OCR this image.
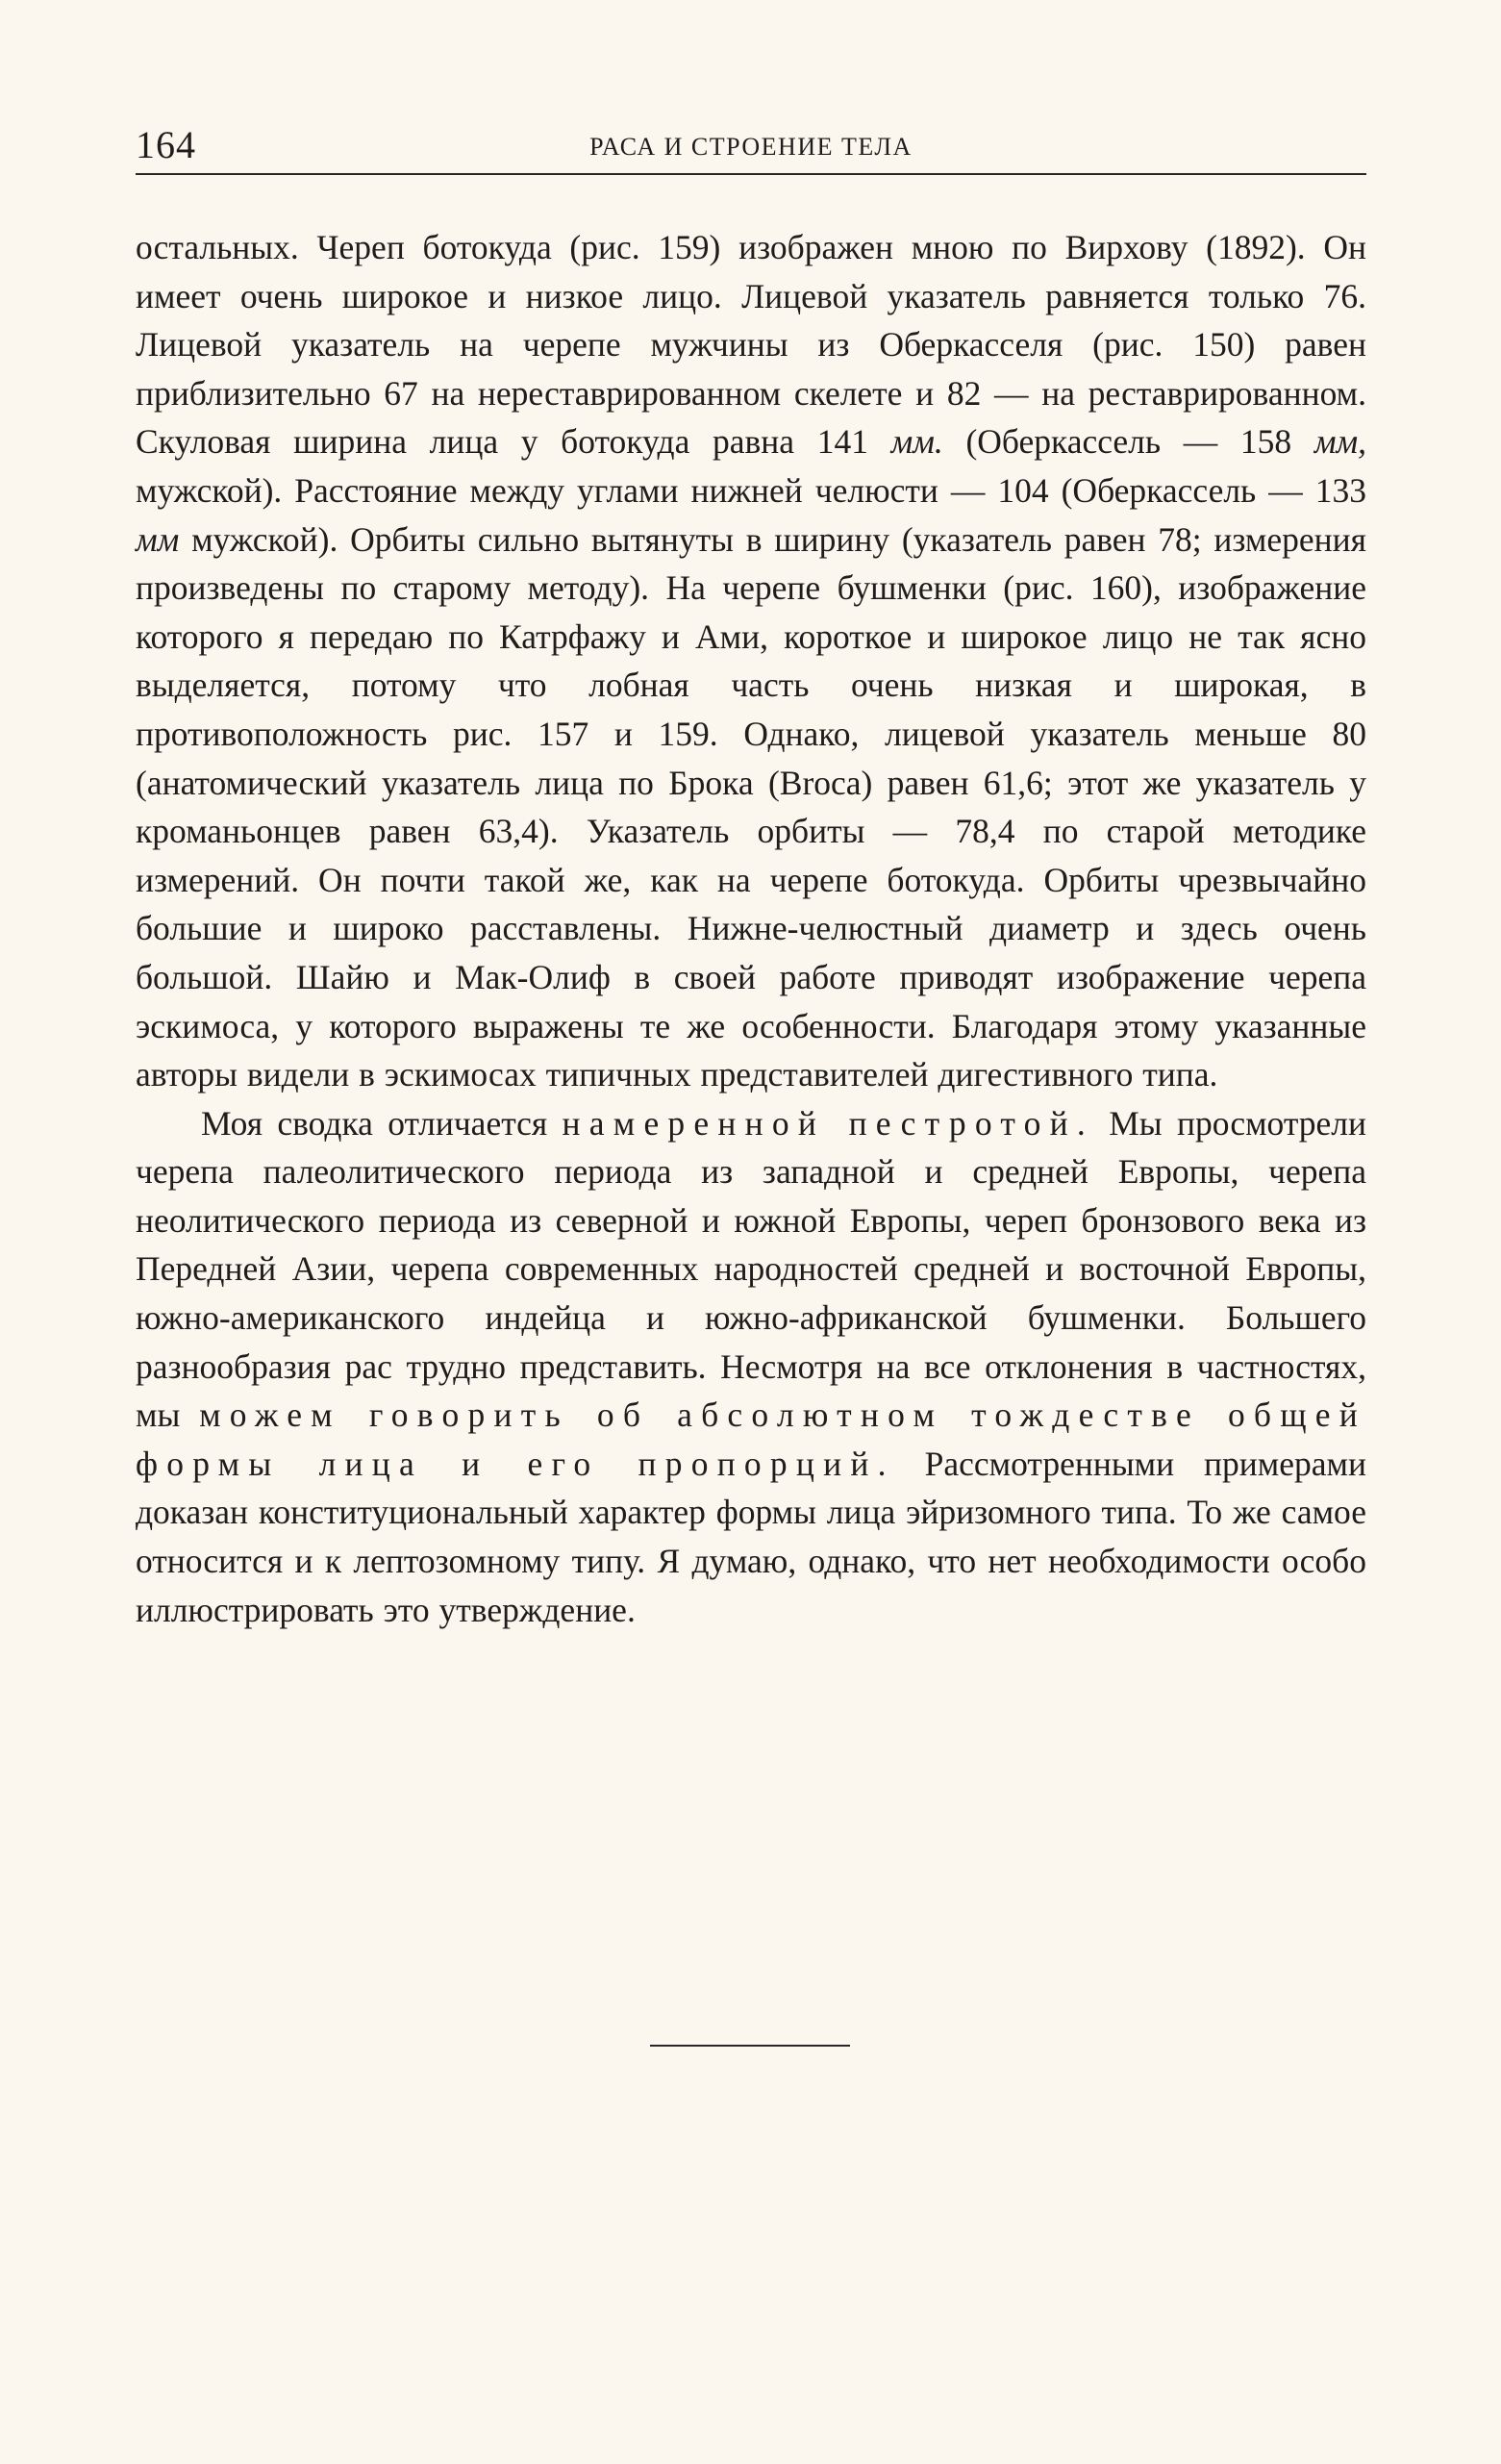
164	РАСА И СТРОЕНИЕ ТЕЛА

остальных. Череп ботокуда (рис. 159) изображен мною по Вирхову (1892). Он имеет очень широкое и низкое лицо. Лицевой указатель равняется только 76. Лицевой указатель на черепе мужчины из Оберкасселя (рис. 150) равен приблизительно 67 на нереставрированном скелете и 82 — на реставрированном. Скуловая ширина лица у ботокуда равна 141 мм. (Оберкассель — 158 мм, мужской). Расстояние между углами нижней челюсти — 104 (Оберкассель — 133 мм мужской). Орбиты сильно вытянуты в ширину (указатель равен 78; измерения произведены по старому методу). На черепе бушменки (рис. 160), изображение которого я передаю по Катрфажу и Ами, короткое и широкое лицо не так ясно выделяется, потому что лобная часть очень низкая и широкая, в противоположность рис. 157 и 159. Однако, лицевой указатель меньше 80 (анатомический указатель лица по Брока (Broca) равен 61,6; этот же указатель у кроманьонцев равен 63,4). Указатель орбиты — 78,4 по старой методике измерений. Он почти такой же, как на черепе ботокуда. Орбиты чрезвычайно большие и широко расставлены. Нижне-челюстный диаметр и здесь очень большой. Шайю и Мак-Олиф в своей работе приводят изображение черепа эскимоса, у которого выражены те же особенности. Благодаря этому указанные авторы видели в эскимосах типичных представителей дигестивного типа.

Моя сводка отличается намеренной пестротой. Мы просмотрели черепа палеолитического периода из западной и средней Европы, черепа неолитического периода из северной и южной Европы, череп бронзового века из Передней Азии, черепа современных народностей средней и восточной Европы, южно-американского индейца и южно-африканской бушменки. Большего разнообразия рас трудно представить. Несмотря на все отклонения в частностях, мы можем говорить об абсолютном тождестве общей формы лица и его пропорций. Рассмотренными примерами доказан конституциональный характер формы лица эйризомного типа. То же самое относится и к лептозомному типу. Я думаю, однако, что нет необходимости особо иллюстрировать это утверждение.
